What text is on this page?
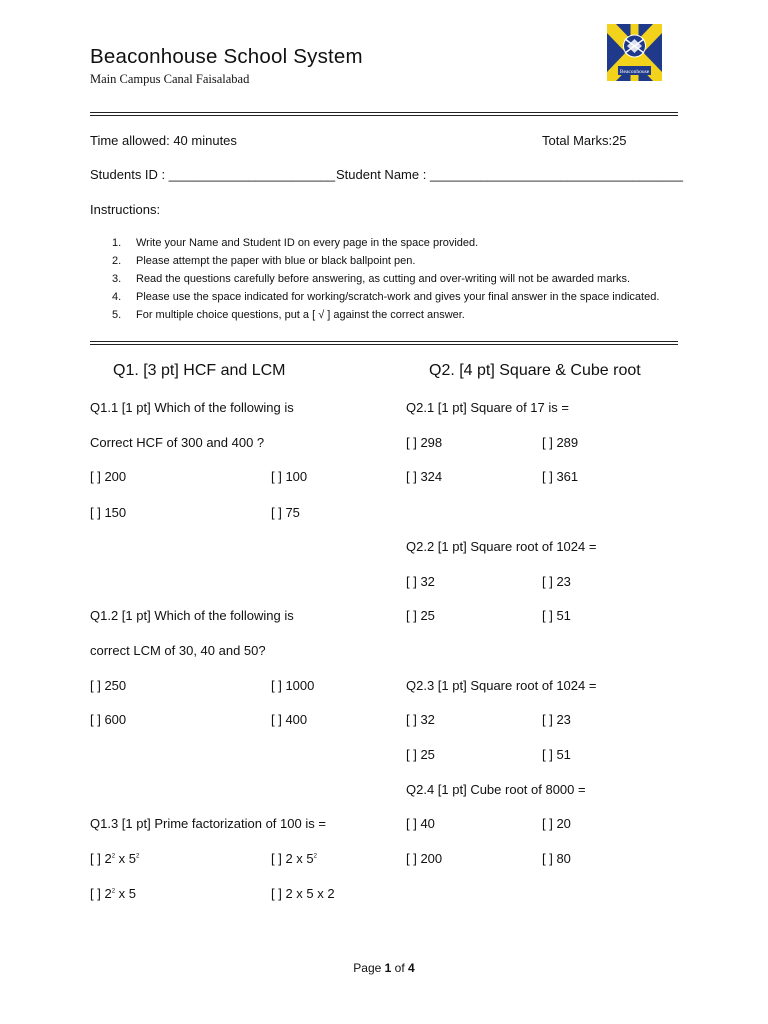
Beaconhouse School System
Main Campus Canal Faisalabad	Beaconhouse
Time allowed: 40 minutes	Total Marks:25
Students ID : _______________________ Student Name : ___________________________________
Instructions:
1. Write your Name and Student ID on every page in the space provided.
2. Please attempt the paper with blue or black ballpoint pen.
3. Read the questions carefully before answering, as cutting and over-writing will not be awarded marks.
4. Please use the space indicated for working/scratch-work and gives your final answer in the space indicated.
5. For multiple choice questions, put a [ √ ] against the correct answer.
Q1. [3 pt] HCF and LCM	Q2. [4 pt] Square & Cube root
Q1.1 [1 pt] Which of the following is
Correct HCF of 300 and 400 ?
[ ] 200	[ ] 100
[ ] 150	[ ] 75
Q1.2 [1 pt] Which of the following is
correct LCM of 30, 40 and 50?
[ ] 250	[ ] 1000
[ ] 600	[ ] 400
Q1.3 [1 pt] Prime factorization of 100 is =
[ ] $2^2$ x $5^2$	[ ] 2 x $5^2$
[ ] $2^2$ x 5	[ ] 2 x 5 x 2
Q2.1 [1 pt] Square of 17 is =
[ ] 298	[ ] 289
[ ] 324	[ ] 361
Q2.2 [1 pt] Square root of 1024 =
[ ] 32	[ ] 23
[ ] 25	[ ] 51
Q2.3 [1 pt] Square root of 1024 =
[ ] 32	[ ] 23
[ ] 25	[ ] 51
Q2.4 [1 pt] Cube root of 8000 =
[ ] 40	[ ] 20
[ ] 200	[ ] 80
Page 1 of 4
